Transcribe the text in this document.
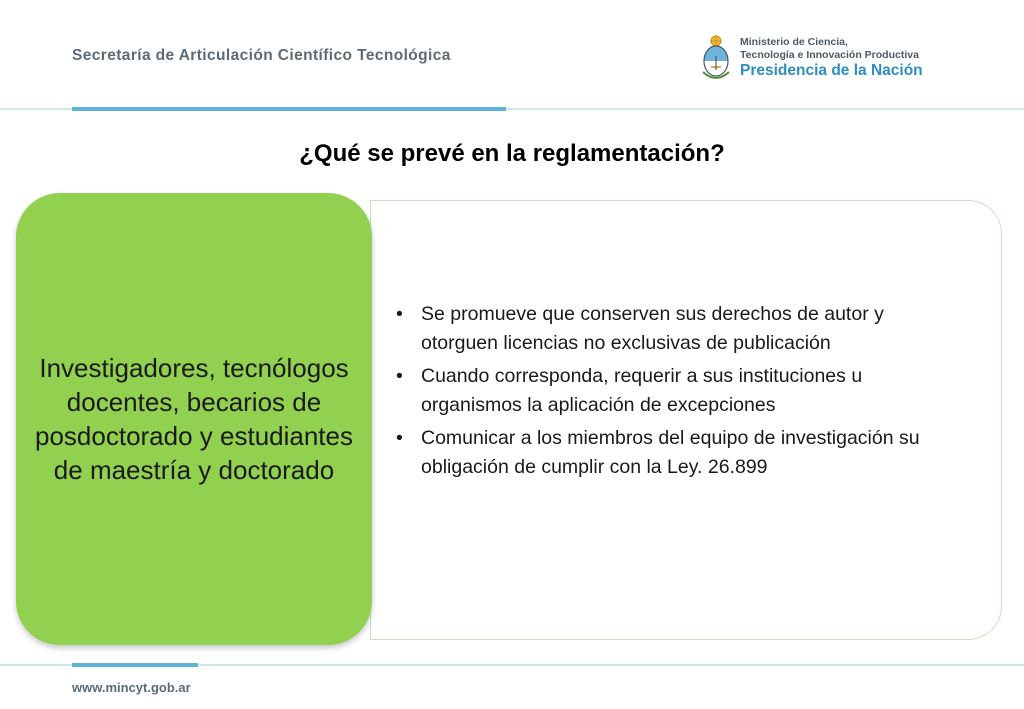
Secretaría de Articulación Científico Tecnológica
Ministerio de Ciencia,
Tecnología e Innovación Productiva
Presidencia de la Nación
¿Qué se prevé en la reglamentación?
• Se promueve que conserven sus derechos de autor y otorguen licencias no exclusivas de publicación
• Cuando corresponda, requerir a sus instituciones u organismos la aplicación de excepciones
• Comunicar a los miembros del equipo de investigación su obligación de cumplir con la Ley. 26.899
Investigadores, tecnólogos docentes, becarios de posdoctorado y estudiantes de maestría y doctorado
www.mincyt.gob.ar
